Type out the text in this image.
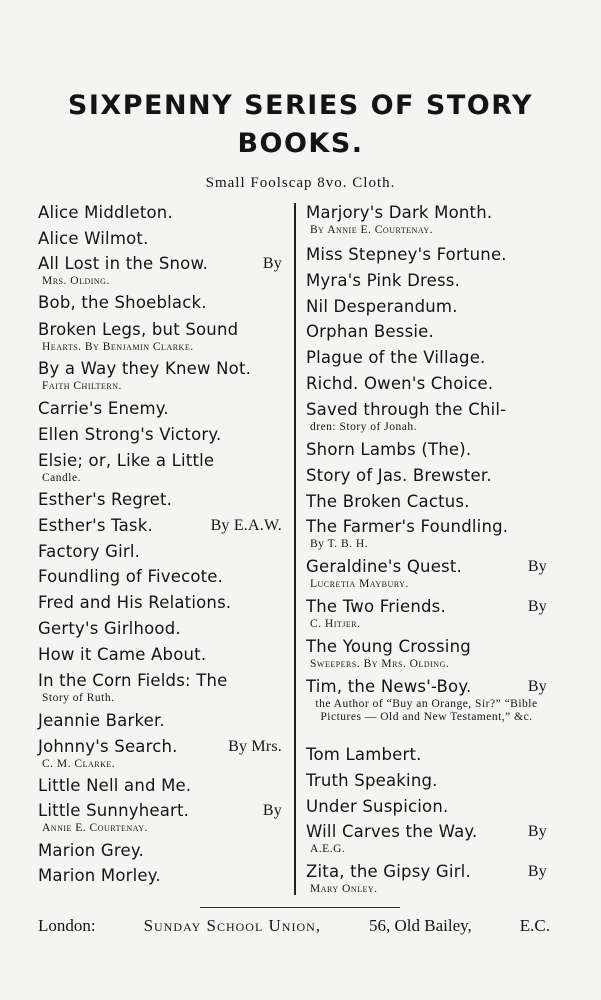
SIXPENNY SERIES OF STORY
BOOKS.
Small Foolscap 8vo. Cloth.
Alice Middleton.
Alice Wilmot.
All Lost in the Snow.	By
Mrs. Olding.
Bob, the Shoeblack.
Broken Legs, but Sound
Hearts. By Benjamin Clarke.
By a Way they Knew Not.
Faith Chiltern.
Carrie's Enemy.
Ellen Strong's Victory.
Elsie; or, Like a Little
Candle.
Esther's Regret.
Esther's Task.	By E.A.W.
Factory Girl.
Foundling of Fivecote.
Fred and His Relations.
Gerty's Girlhood.
How it Came About.
In the Corn Fields: The
Story of Ruth.
Jeannie Barker.
Johnny's Search.	By Mrs.
C. M. Clarke.
Little Nell and Me.
Little Sunnyheart.	By
Annie E. Courtenay.
Marion Grey.
Marion Morley.
Marjory's Dark Month.
By Annie E. Courtenay.
Miss Stepney's Fortune.
Myra's Pink Dress.
Nil Desperandum.
Orphan Bessie.
Plague of the Village.
Richd. Owen's Choice.
Saved through the Chil-
dren: Story of Jonah.
Shorn Lambs (The).
Story of Jas. Brewster.
The Broken Cactus.
The Farmer's Foundling.
By T. B. H.
Geraldine's Quest.	By
Lucretia Maybury.
The Two Friends.	By
C. Hitjer.
The Young Crossing
Sweepers. By Mrs. Olding.
Tim, the News'-Boy.	By
the Author of “Buy an Orange, Sir?” “Bible Pictures — Old and New Testament,” &c.
Tom Lambert.
Truth Speaking.
Under Suspicion.
Will Carves the Way.	By
A.E.G.
Zita, the Gipsy Girl.	By
Mary Onley.
London:	Sunday School Union,	56, Old Bailey,	E.C.
